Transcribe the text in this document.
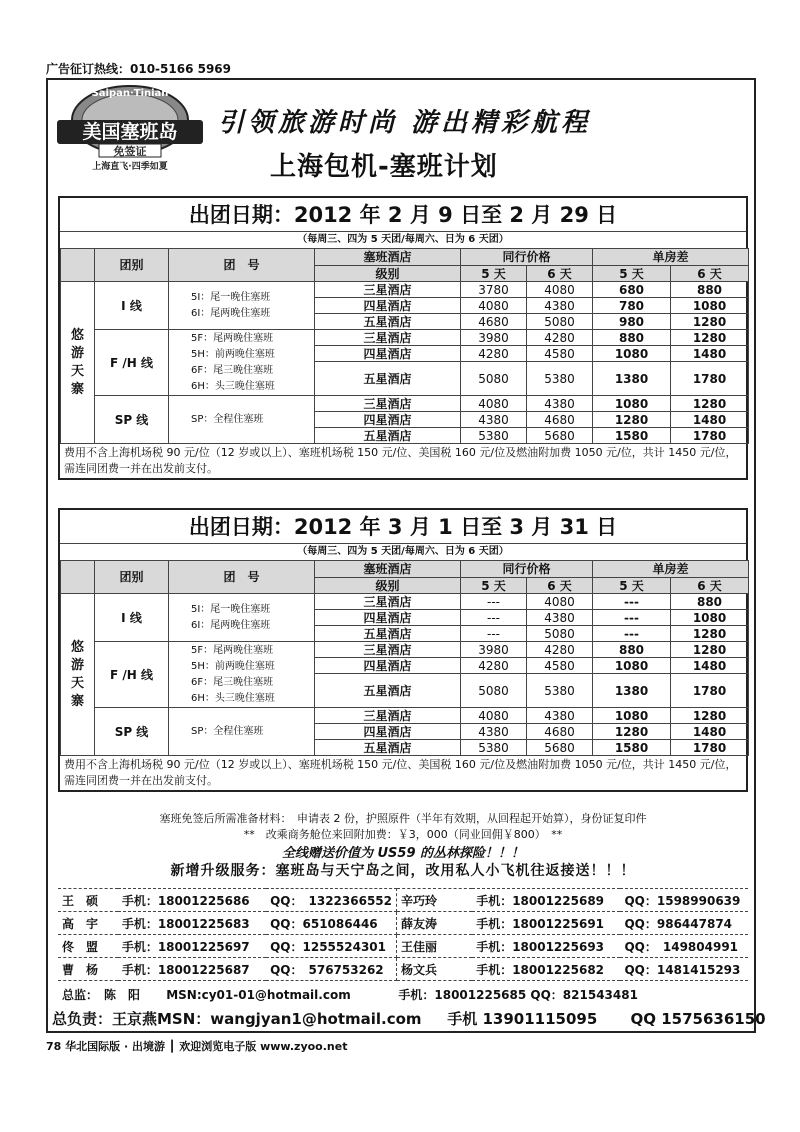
广告征订热线：010-5166 5969
Saipan·Tinian
美国塞班岛
免签证
上海直飞·四季如夏
引领旅游时尚 游出精彩航程
上海包机-塞班计划
出团日期：2012 年 2 月 9 日至 2 月 29 日
（每周三、四为 5 天团/每周六、日为 6 天团）
	团别	团　号	塞班酒店	同行价格		单房差	
			级别	5 天	6 天	5 天	6 天

悠游天寨	I 线	5I：尾一晚住塞班
6I：尾两晚住塞班	三星酒店	3780	4080	680	880
			四星酒店	4080	4380	780	1080
			五星酒店	4680	5080	980	1280
	F /H 线	5F：尾两晚住塞班
5H：前两晚住塞班
6F：尾三晚住塞班
6H：头三晚住塞班	三星酒店	3980	4280	880	1280
			四星酒店	4280	4580	1080	1480
			五星酒店	5080	5380	1380	1780
	SP 线	SP：全程住塞班	三星酒店	4080	4380	1080	1280
			四星酒店	4380	4680	1280	1480
			五星酒店	5380	5680	1580	1780
费用不含上海机场税 90 元/位（12 岁或以上）、塞班机场税 150 元/位、美国税 160 元/位及燃油附加费 1050 元/位，共计 1450 元/位，需连同团费一并在出发前支付。
出团日期：2012 年 3 月 1 日至 3 月 31 日
（每周三、四为 5 天团/每周六、日为 6 天团）
	团别	团　号	塞班酒店	同行价格		单房差	
			级别	5 天	6 天	5 天	6 天

悠游天寨	I 线	5I：尾一晚住塞班
6I：尾两晚住塞班	三星酒店	---	4080	---	880
			四星酒店	---	4380	---	1080
			五星酒店	---	5080	---	1280
	F /H 线	5F：尾两晚住塞班
5H：前两晚住塞班
6F：尾三晚住塞班
6H：头三晚住塞班	三星酒店	3980	4280	880	1280
			四星酒店	4280	4580	1080	1480
			五星酒店	5080	5380	1380	1780
	SP 线	SP：全程住塞班	三星酒店	4080	4380	1080	1280
			四星酒店	4380	4680	1280	1480
			五星酒店	5380	5680	1580	1780
费用不含上海机场税 90 元/位（12 岁或以上）、塞班机场税 150 元/位、美国税 160 元/位及燃油附加费 1050 元/位，共计 1450 元/位，需连同团费一并在出发前支付。
塞班免签后所需准备材料：　申请表 2 份，护照原件（半年有效期，从回程起开始算），身份证复印件
**　改乘商务舱位来回附加费：￥3，000（同业回佣￥800）　**
全线赠送价值为 US59 的丛林探险！！！
新增升级服务：塞班岛与天宁岛之间，改用私人小飞机往返接送！！！
王　硕	手机：18001225686	QQ：　1322366552	辛巧玲	手机：18001225689	QQ：1598990639
高　宇	手机：18001225683	QQ：651086446	薛友涛	手机：18001225691	QQ：986447874
佟　盟	手机：18001225697	QQ：1255524301	王佳丽	手机：18001225693	QQ：　149804991
曹　杨	手机：18001225687	QQ：　576753262	杨文兵	手机：18001225682	QQ：1481415293
总监：　陈　阳 MSN:cy01-01@hotmail.com	手机：18001225685 QQ：821543481
总负责：王京燕MSN：wangjyan1@hotmail.com 手机 13901115095 QQ 1575636150
78 华北国际版 · 出境游 ┃ 欢迎浏览电子版 www.zyoo.net
